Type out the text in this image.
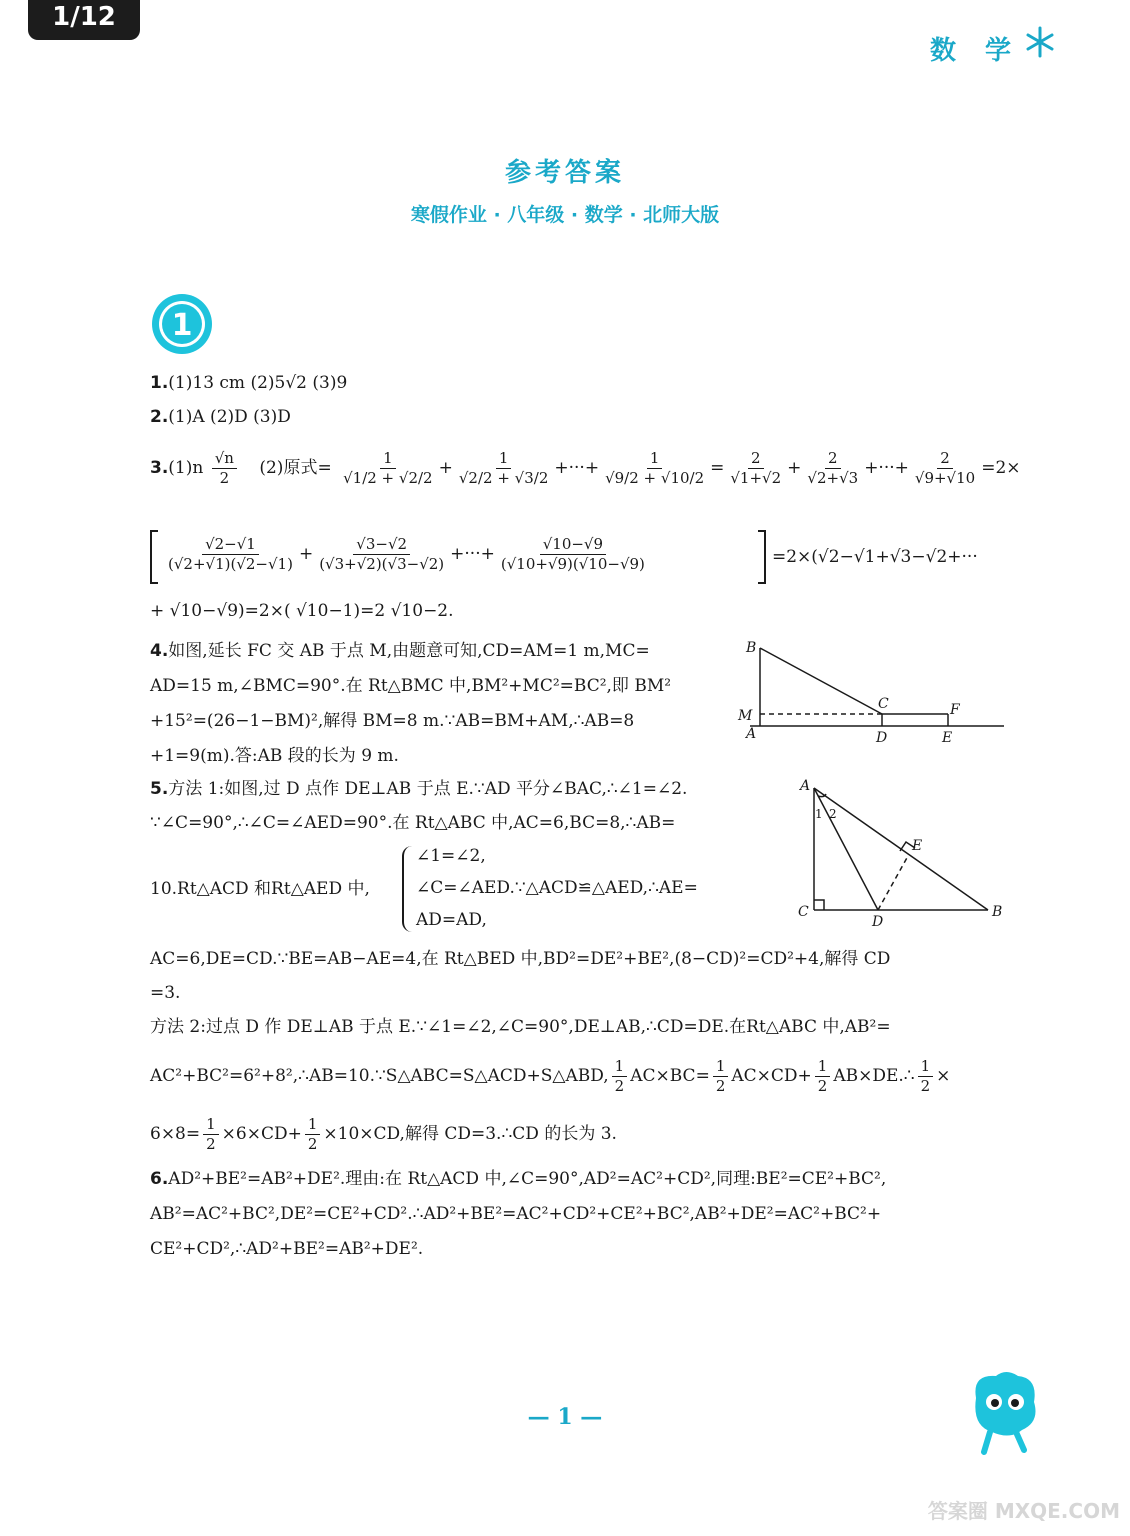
1/12
数 学
参考答案
寒假作业 · 八年级 · 数学 · 北师大版
1
1.(1)13 cm (2)5√2 (3)9
2.(1)A (2)D (3)D
$3.(1)n \frac{√n}{2} (2)$原式= $\frac{1}{√1/2 + √2/2} + \frac{1}{√2/2 + √3/2}$ +···+ $\frac{1}{√9/2 + √10/2} = \frac{2}{√1+√2} + \frac{2}{√2+√3}$ +···+ $\frac{2}{√9+√10} =2\times$
$\frac{√2-√1}{(√2+√1)(√2-√1)} + \frac{√3-√2}{(√3+√2)(√3-√2)}$ +···+ $\frac{√10-√9}{(√10+√9)(√10-√9)}$	=2×(√2−√1+√3−√2+···
+ √10−√9)=2×( √10−1)=2 √10−2.
4.如图,延长 FC 交 AB 于点 M,由题意可知,CD=AM=1 m,MC=
AD=15 m,∠BMC=90°.在 Rt△BMC 中,BM²+MC²=BC²,即 BM²
+15²=(26−1−BM)²,解得 BM=8 m.∵AB=BM+AM,∴AB=8
+1=9(m).答:AB 段的长为 9 m.
B
C	F
M
A	D	E
5.方法 1:如图,过 D 点作 DE⊥AB 于点 E.∵AD 平分∠BAC,∴∠1=∠2.
∵∠C=90°,∴∠C=∠AED=90°.在 Rt△ABC 中,AC=6,BC=8,∴AB=
10.Rt△ACD 和Rt△AED 中,
∠1=∠2,
∠C=∠AED.∵△ACD≌△AED,∴AE=
AD=AD,
A
1 2
E
C
D
B
AC=6,DE=CD.∵BE=AB−AE=4,在 Rt△BED 中,BD²=DE²+BE²,(8−CD)²=CD²+4,解得 CD
=3.
方法 2:过点 D 作 DE⊥AB 于点 E.∵∠1=∠2,∠C=90°,DE⊥AB,∴CD=DE.在Rt△ABC 中,AB²=
AC²+BC²=6²+8²,∴AB=10.∵S△ABC=S△ACD+S△ABD, $\frac{1}{2} AC\times BC= \frac{1}{2} AC\times CD+ \frac{1}{2}$ AB×DE.∴ $\frac{1}{2}$ ×
$6\times 8= \frac{1}{2} \times 6\times CD+ \frac{1}{2} \times 10\times CD$,解得 CD=3.∴CD 的长为 3.
6.AD²+BE²=AB²+DE².理由:在 Rt△ACD 中,∠C=90°,AD²=AC²+CD²,同理:BE²=CE²+BC²,
AB²=AC²+BC²,DE²=CE²+CD².∴AD²+BE²=AC²+CD²+CE²+BC²,AB²+DE²=AC²+BC²+
CE²+CD²,∴AD²+BE²=AB²+DE².
— 1 —
答案圈 MXQE.COM
